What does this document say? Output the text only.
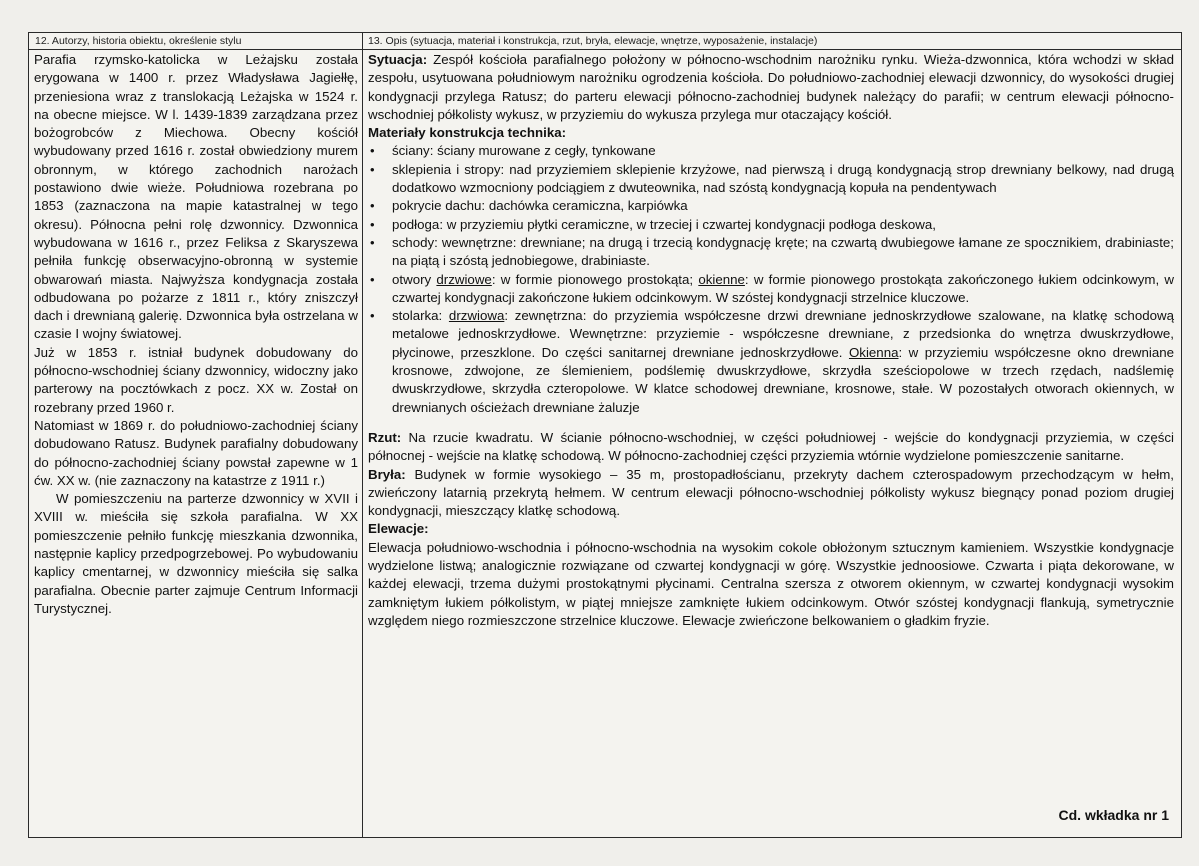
12. Autorzy, historia obiektu, określenie stylu	13. Opis (sytuacja, materiał i konstrukcja, rzut, bryła, elewacje, wnętrze, wyposażenie, instalacje)

Parafia rzymsko-katolicka w Leżajsku została erygowana w 1400 r. przez Władysława Jagiełłę, przeniesiona wraz z translokacją Leżajska w 1524 r. na obecne miejsce. W l. 1439-1839 zarządzana przez bożogrobców z Miechowa. Obecny kościół wybudowany przed 1616 r. został obwiedziony murem obronnym, w którego zachodnich narożach postawiono dwie wieże. Południowa rozebrana po 1853 (zaznaczona na mapie katastralnej w tego okresu). Północna pełni rolę dzwonnicy. Dzwonnica wybudowana w 1616 r., przez Feliksa z Skaryszewa pełniła funkcję obserwacyjno-obronną w systemie obwarowań miasta. Najwyższa kondygnacja została odbudowana po pożarze z 1811 r., który zniszczył dach i drewnianą galerię. Dzwonnica była ostrzelana w czasie I wojny światowej.

Już w 1853 r. istniał budynek dobudowany do północno-wschodniej ściany dzwonnicy, widoczny jako parterowy na pocztówkach z pocz. XX w. Został on rozebrany przed 1960 r.

Natomiast w 1869 r. do południowo-zachodniej ściany dobudowano Ratusz. Budynek parafialny dobudowany do północno-zachodniej ściany powstał zapewne w 1 ćw. XX w. (nie zaznaczony na katastrze z 1911 r.)

W pomieszczeniu na parterze dzwonnicy w XVII i XVIII w. mieściła się szkoła parafialna. W XX pomieszczenie pełniło funkcję mieszkania dzwonnika, następnie kaplicy przedpogrzebowej. Po wybudowaniu kaplicy cmentarnej, w dzwonnicy mieściła się salka parafialna. Obecnie parter zajmuje Centrum Informacji Turystycznej.

Sytuacja: Zespół kościoła parafialnego położony w północno-wschodnim narożniku rynku. Wieża-dzwonnica, która wchodzi w skład zespołu, usytuowana południowym narożniku ogrodzenia kościoła. Do południowo-zachodniej elewacji dzwonnicy, do wysokości drugiej kondygnacji przylega Ratusz; do parteru elewacji północno-zachodniej budynek należący do parafii; w centrum elewacji północno-wschodniej półkolisty wykusz, w przyziemiu do wykusza przylega mur otaczający kościół.

Materiały konstrukcja technika:
• ściany: ściany murowane z cegły, tynkowane
• sklepienia i stropy: nad przyziemiem sklepienie krzyżowe, nad pierwszą i drugą kondygnacją strop drewniany belkowy, nad drugą dodatkowo wzmocniony podciągiem z dwuteownika, nad szóstą kondygnacją kopuła na pendentywach
• pokrycie dachu: dachówka ceramiczna, karpiówka
• podłoga: w przyziemiu płytki ceramiczne, w trzeciej i czwartej kondygnacji podłoga deskowa,
• schody: wewnętrzne: drewniane; na drugą i trzecią kondygnację kręte; na czwartą dwubiegowe łamane ze spocznikiem, drabiniaste; na piątą i szóstą jednobiegowe, drabiniaste.
• otwory drzwiowe: w formie pionowego prostokąta; okienne: w formie pionowego prostokąta zakończonego łukiem odcinkowym, w czwartej kondygnacji zakończone łukiem odcinkowym. W szóstej kondygnacji strzelnice kluczowe.
• stolarka: drzwiowa: zewnętrzna: do przyziemia współczesne drzwi drewniane jednoskrzydłowe szalowane, na klatkę schodową metalowe jednoskrzydłowe. Wewnętrzne: przyziemie - współczesne drewniane, z przedsionka do wnętrza dwuskrzydłowe, płycinowe, przeszklone. Do części sanitarnej drewniane jednoskrzydłowe. Okienna: w przyziemiu współczesne okno drewniane krosnowe, zdwojone, ze ślemieniem, podślemię dwuskrzydłowe, skrzydła sześciopolowe w trzech rzędach, nadślemię dwuskrzydłowe, skrzydła czteropolowe. W klatce schodowej drewniane, krosnowe, stałe. W pozostałych otworach okiennych, w drewnianych ościeżach drewniane żaluzje

Rzut: Na rzucie kwadratu. W ścianie północno-wschodniej, w części południowej - wejście do kondygnacji przyziemia, w części północnej - wejście na klatkę schodową. W północno-zachodniej części przyziemia wtórnie wydzielone pomieszczenie sanitarne.

Bryła: Budynek w formie wysokiego – 35 m, prostopadłościanu, przekryty dachem czterospadowym przechodzącym w hełm, zwieńczony latarnią przekrytą hełmem. W centrum elewacji północno-wschodniej półkolisty wykusz biegnący ponad poziom drugiej kondygnacji, mieszczący klatkę schodową.

Elewacje:

Elewacja południowo-wschodnia i północno-wschodnia na wysokim cokole obłożonym sztucznym kamieniem. Wszystkie kondygnacje wydzielone listwą; analogicznie rozwiązane od czwartej kondygnacji w górę. Wszystkie jednoosiowe. Czwarta i piąta dekorowane, w każdej elewacji, trzema dużymi prostokątnymi płycinami. Centralna szersza z otworem okiennym, w czwartej kondygnacji wysokim zamkniętym łukiem półkolistym, w piątej mniejsze zamknięte łukiem odcinkowym. Otwór szóstej kondygnacji flankują, symetrycznie względem niego rozmieszczone strzelnice kluczowe. Elewacje zwieńczone belkowaniem o gładkim fryzie.

Cd. wkładka nr 1
